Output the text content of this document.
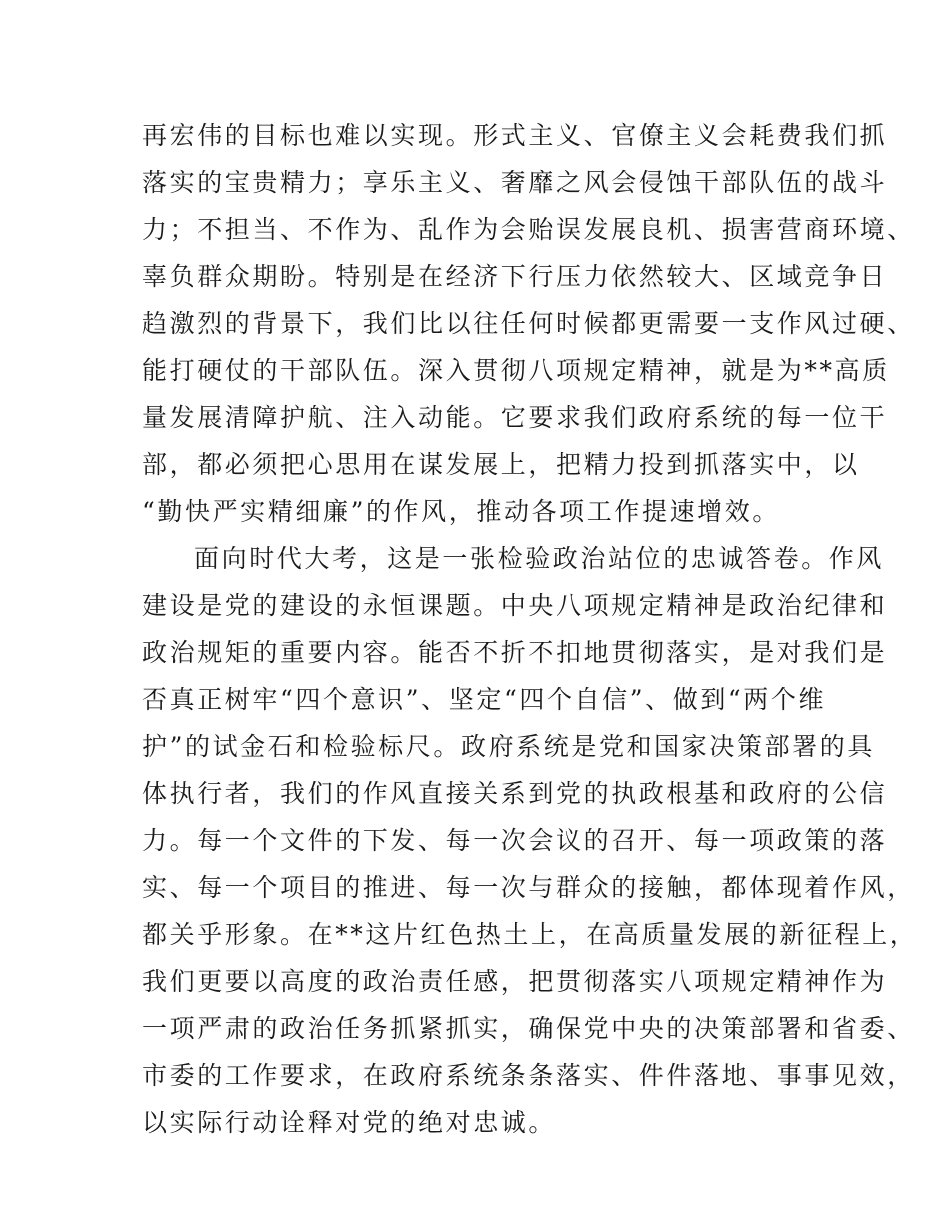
再宏伟的目标也难以实现。形式主义、官僚主义会耗费我们抓
落实的宝贵精力；享乐主义、奢靡之风会侵蚀干部队伍的战斗
力；不担当、不作为、乱作为会贻误发展良机、损害营商环境、
辜负群众期盼。特别是在经济下行压力依然较大、区域竞争日
趋激烈的背景下，我们比以往任何时候都更需要一支作风过硬、
能打硬仗的干部队伍。深入贯彻八项规定精神，就是为**高质
量发展清障护航、注入动能。它要求我们政府系统的每一位干
部，都必须把心思用在谋发展上，把精力投到抓落实中，以
“勤快严实精细廉”的作风，推动各项工作提速增效。

面向时代大考，这是一张检验政治站位的忠诚答卷。作风
建设是党的建设的永恒课题。中央八项规定精神是政治纪律和
政治规矩的重要内容。能否不折不扣地贯彻落实，是对我们是
否真正树牢“四个意识”、坚定“四个自信”、做到“两个维
护”的试金石和检验标尺。政府系统是党和国家决策部署的具
体执行者，我们的作风直接关系到党的执政根基和政府的公信
力。每一个文件的下发、每一次会议的召开、每一项政策的落
实、每一个项目的推进、每一次与群众的接触，都体现着作风，
都关乎形象。在**这片红色热土上，在高质量发展的新征程上，
我们更要以高度的政治责任感，把贯彻落实八项规定精神作为
一项严肃的政治任务抓紧抓实，确保党中央的决策部署和省委、
市委的工作要求，在政府系统条条落实、件件落地、事事见效，
以实际行动诠释对党的绝对忠诚。
